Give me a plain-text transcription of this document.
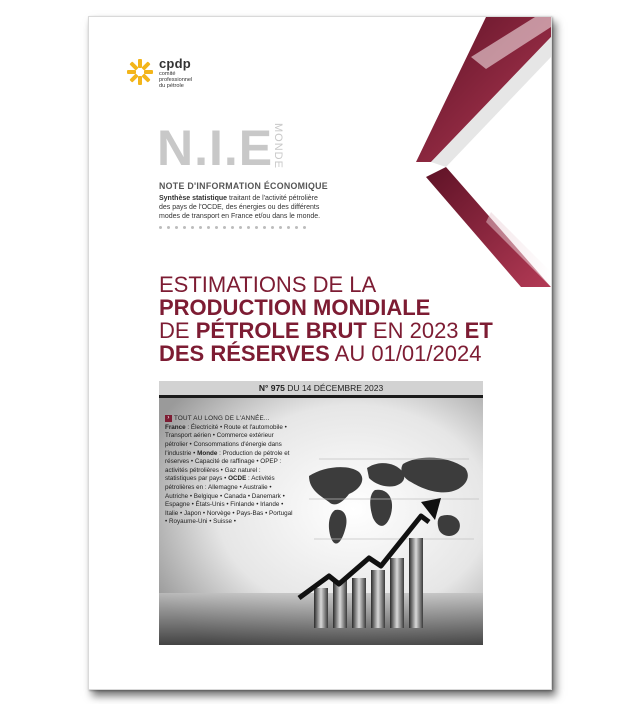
cpdp
comité
professionnel
du pétrole
N.I.E
MONDE
NOTE D'INFORMATION ÉCONOMIQUE
Synthèse statistique traitant de l'activité pétrolière des pays de l'OCDE, des énergies ou des différents modes de transport en France et/ou dans le monde.
ESTIMATIONS DE LA
PRODUCTION MONDIALE
DE PÉTROLE BRUT EN 2023 ET
DES RÉSERVES AU 01/01/2024
N° 975 DU 14 DÉCEMBRE 2023
› TOUT AU LONG DE L'ANNÉE...
France : Électricité • Route et l'automobile • Transport aérien • Commerce extérieur pétrolier • Consommations d'énergie dans l'industrie • Monde : Production de pétrole et réserves • Capacité de raffinage • OPEP : activités pétrolières • Gaz naturel : statistiques par pays • OCDE : Activités pétrolières en : Allemagne • Australie • Autriche • Belgique • Canada • Danemark • Espagne • États-Unis • Finlande • Irlande • Italie • Japon • Norvège • Pays-Bas • Portugal • Royaume-Uni • Suisse •
